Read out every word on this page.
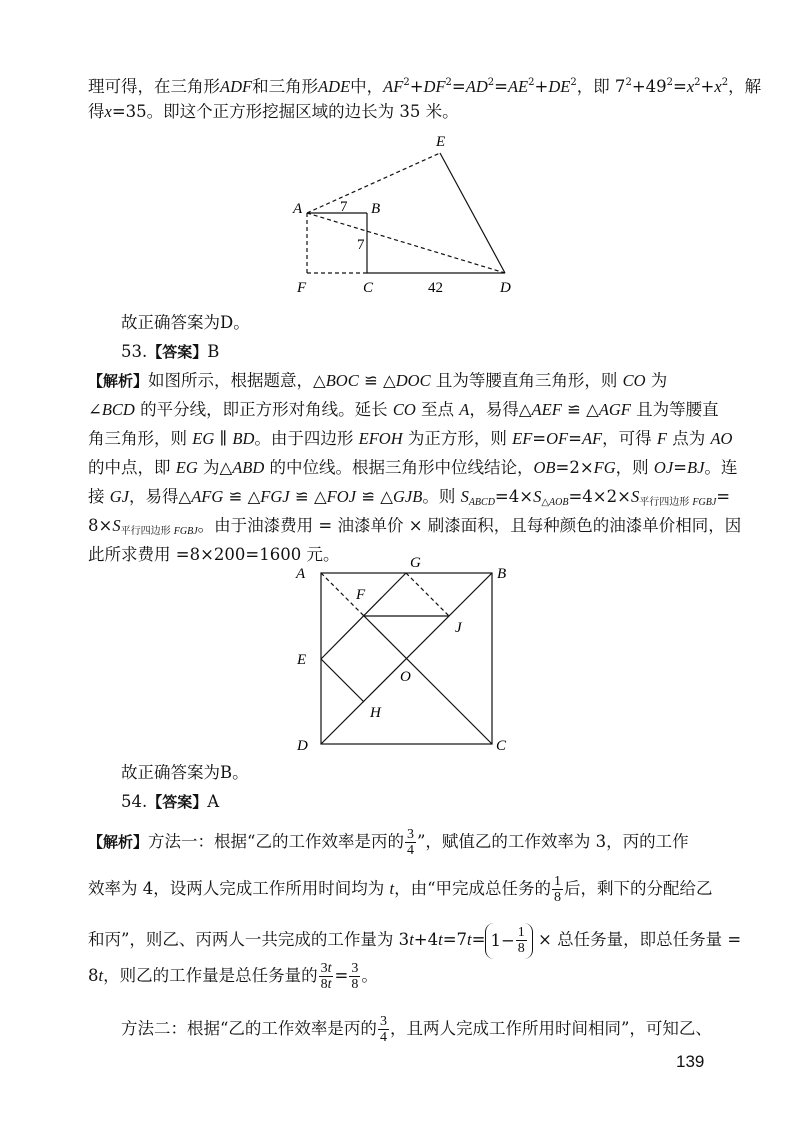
理可得，在三角形ADF和三角形ADE中，$AF^2+DF^2=AD^2=AE^2+DE^2$，即 $7^2+49^2=x^2+x^2$，解
得x=35。即这个正方形挖掘区域的边长为 35 米。
A	B
C	D
E
F
7
7
42
故正确答案为D。
53.【答案】B
【解析】如图所示，根据题意，△BOC ≌ △DOC 且为等腰直角三角形，则 CO 为
∠BCD 的平分线，即正方形对角线。延长 CO 至点 A，易得△AEF ≌ △AGF 且为等腰直
角三角形，则 EG ∥ BD。由于四边形 EFOH 为正方形，则 EF=OF=AF，可得 F 点为 AO
的中点，即 EG 为△ABD 的中位线。根据三角形中位线结论，OB=2×FG，则 OJ=BJ。连
接 GJ，易得△AFG ≌ △FGJ ≌ △FOJ ≌ △GJB。则 $S_{ABCD}=4\times S_{\triangle AOB}=4\times 2\times S_{平行四边形 FGBJ}=$
$8\times S_{平行四边形 FGBJ}$。由于油漆费用 = 油漆单价 × 刷漆面积，且每种颜色的油漆单价相同，因
此所求费用 =8×200=1600 元。
A	B
C
D
E
F
G
H
J
O
故正确答案为B。
54.【答案】A
【解析】方法一：根据“乙的工作效率是丙的 $\frac{3}{4}$ ”，赋值乙的工作效率为 3，丙的工作
效率为 4，设两人完成工作所用时间均为 t，由“甲完成总任务的 $\frac{1}{8}$ 后，剩下的分配给乙
和丙”，则乙、丙两人一共完成的工作量为 $3t+4t=7t= 1- \frac{1}{8}$ × 总任务量，即总任务量 =
8t，则乙的工作量是总任务量的 $\frac{3t}{8t} = \frac{3}{8}$ 。
方法二：根据“乙的工作效率是丙的 $\frac{3}{4}$ ，且两人完成工作所用时间相同”，可知乙、
139
